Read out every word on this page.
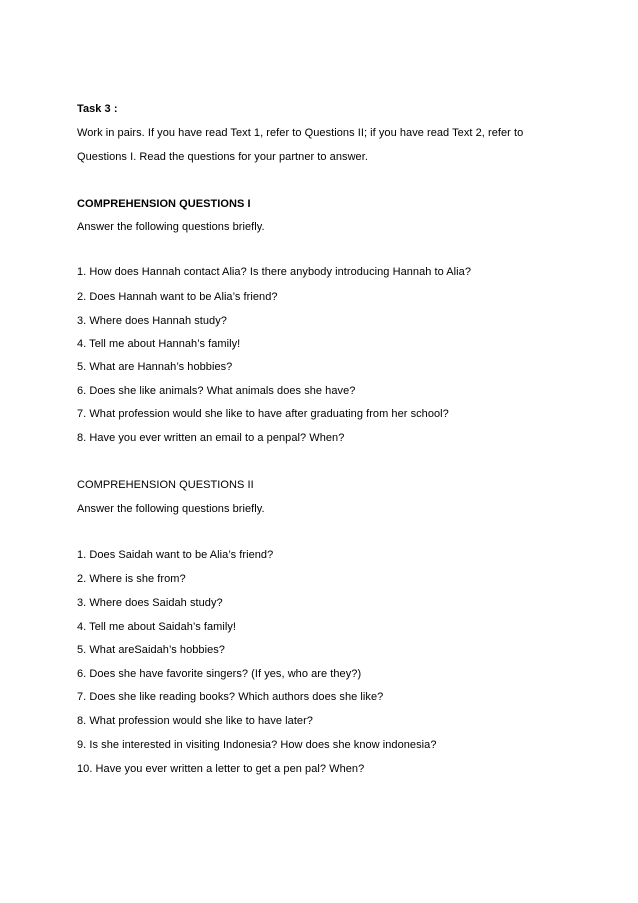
Task 3 :
Work in pairs. If you have read Text 1, refer to Questions II; if you have read Text 2, refer to
Questions I. Read the questions for your partner to answer.
COMPREHENSION QUESTIONS I
Answer the following questions briefly.
1. How does Hannah contact Alia? Is there anybody introducing Hannah to Alia?
2. Does Hannah want to be Alia’s friend?
3. Where does Hannah study?
4. Tell me about Hannah’s family!
5. What are Hannah’s hobbies?
6. Does she like animals? What animals does she have?
7. What profession would she like to have after graduating from her school?
8. Have you ever written an email to a penpal? When?
COMPREHENSION QUESTIONS II
Answer the following questions briefly.
1. Does Saidah want to be Alia’s friend?
2. Where is she from?
3. Where does Saidah study?
4. Tell me about Saidah’s family!
5. What areSaidah’s hobbies?
6. Does she have favorite singers? (If yes, who are they?)
7. Does she like reading books? Which authors does she like?
8. What profession would she like to have later?
9. Is she interested in visiting Indonesia? How does she know indonesia?
10. Have you ever written a letter to get a pen pal? When?
